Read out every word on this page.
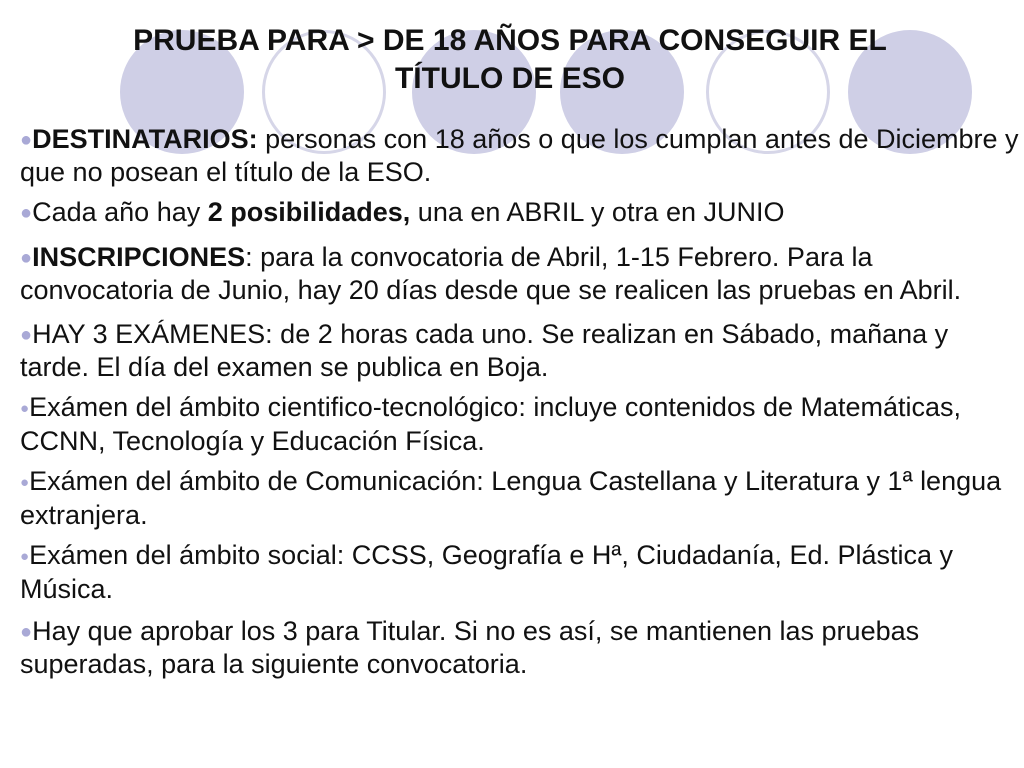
PRUEBA PARA > DE 18 AÑOS PARA CONSEGUIR EL
TÍTULO DE ESO

●DESTINATARIOS: personas con 18 años o que los cumplan antes de Diciembre y que no posean el título de la ESO.

●Cada año hay 2 posibilidades, una en ABRIL y otra en JUNIO

●INSCRIPCIONES: para la convocatoria de Abril, 1-15 Febrero. Para la convocatoria de Junio, hay 20 días desde que se realicen las pruebas en Abril.

●HAY 3 EXÁMENES: de 2 horas cada uno. Se realizan en Sábado, mañana y tarde. El día del examen se publica en Boja.

●Exámen del ámbito cientifico-tecnológico: incluye contenidos de Matemáticas, CCNN, Tecnología y Educación Física.

●Exámen del ámbito de Comunicación: Lengua Castellana y Literatura y 1ª lengua extranjera.

●Exámen del ámbito social: CCSS, Geografía e Hª, Ciudadanía, Ed. Plástica y Música.

●Hay que aprobar los 3 para Titular. Si no es así, se mantienen las pruebas superadas, para la siguiente convocatoria.
